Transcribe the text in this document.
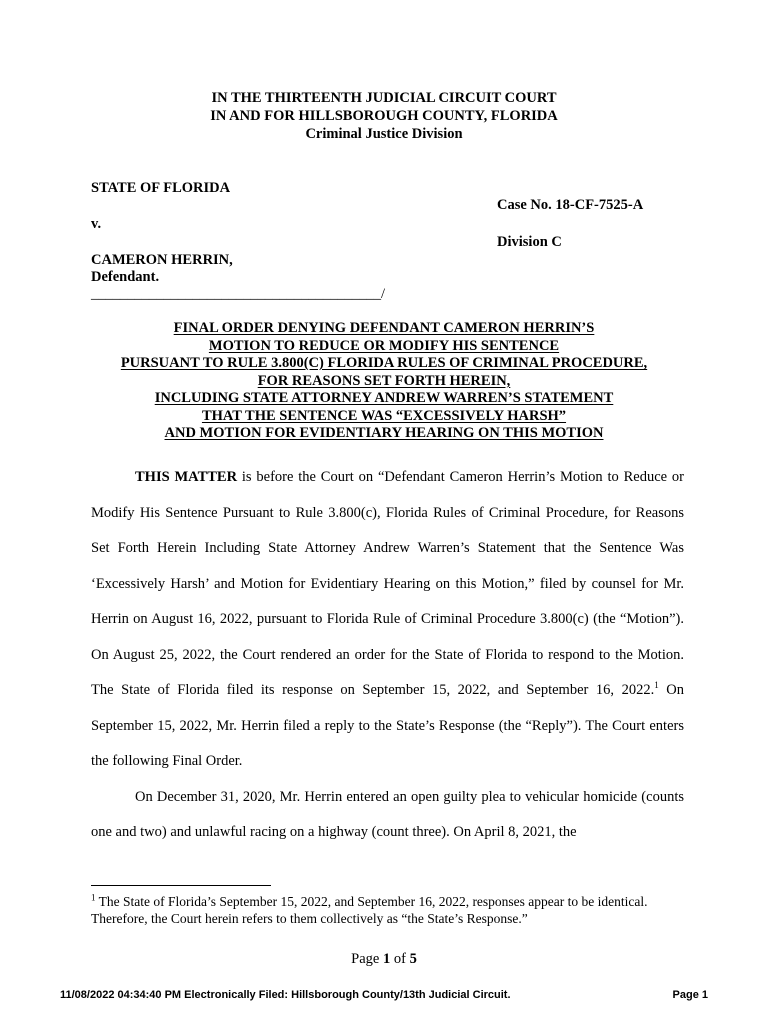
IN THE THIRTEENTH JUDICIAL CIRCUIT COURT
IN AND FOR HILLSBOROUGH COUNTY, FLORIDA
Criminal Justice Division
STATE OF FLORIDA
Case No. 18-CF-7525-A
v.
Division C
CAMERON HERRIN,
Defendant.
________________________________________/
FINAL ORDER DENYING DEFENDANT CAMERON HERRIN’S
MOTION TO REDUCE OR MODIFY HIS SENTENCE
PURSUANT TO RULE 3.800(C) FLORIDA RULES OF CRIMINAL PROCEDURE,
FOR REASONS SET FORTH HEREIN,
INCLUDING STATE ATTORNEY ANDREW WARREN’S STATEMENT
THAT THE SENTENCE WAS “EXCESSIVELY HARSH”
AND MOTION FOR EVIDENTIARY HEARING ON THIS MOTION

THIS MATTER is before the Court on “Defendant Cameron Herrin’s Motion to Reduce or Modify His Sentence Pursuant to Rule 3.800(c), Florida Rules of Criminal Procedure, for Reasons Set Forth Herein Including State Attorney Andrew Warren’s Statement that the Sentence Was ‘Excessively Harsh’ and Motion for Evidentiary Hearing on this Motion,” filed by counsel for Mr. Herrin on August 16, 2022, pursuant to Florida Rule of Criminal Procedure 3.800(c) (the “Motion”). On August 25, 2022, the Court rendered an order for the State of Florida to respond to the Motion. The State of Florida filed its response on September 15, 2022, and September 16, 2022.$^1$ On September 15, 2022, Mr. Herrin filed a reply to the State’s Response (the “Reply”). The Court enters the following Final Order.

On December 31, 2020, Mr. Herrin entered an open guilty plea to vehicular homicide (counts one and two) and unlawful racing on a highway (count three). On April 8, 2021, the

$^1$ The State of Florida’s September 15, 2022, and September 16, 2022, responses appear to be identical. Therefore, the Court herein refers to them collectively as “the State’s Response.”
Page 1 of 5
11/08/2022 04:34:40 PM Electronically Filed: Hillsborough County/13th Judicial Circuit.	Page 1
